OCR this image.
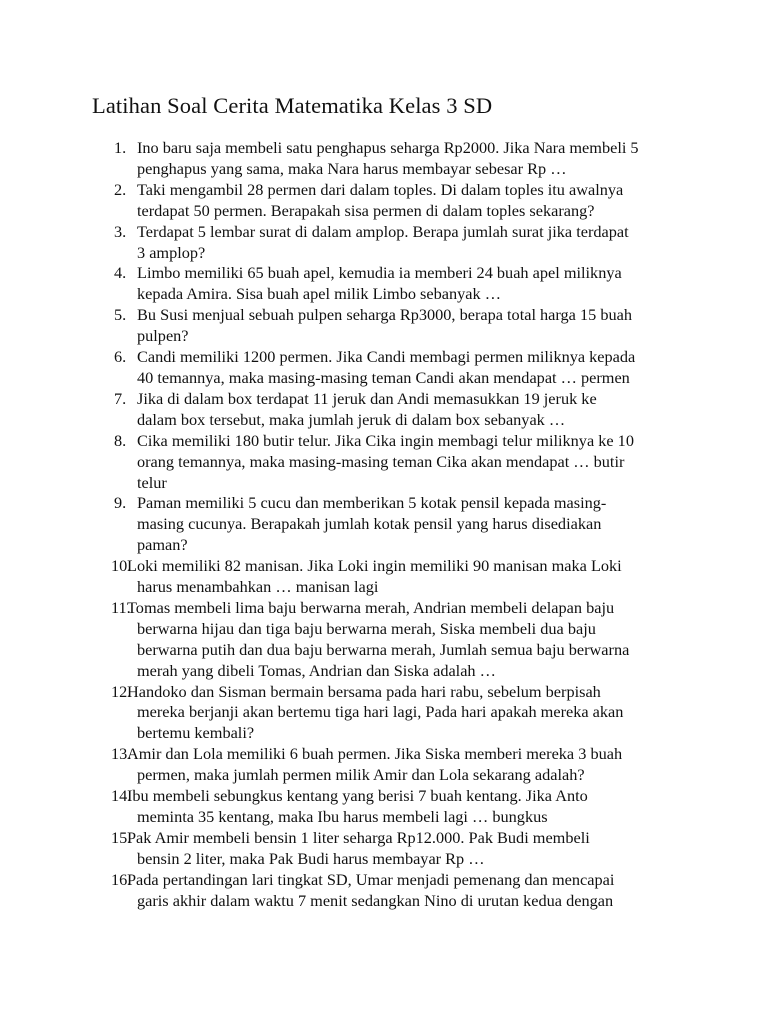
Latihan Soal Cerita Matematika Kelas 3 SD
1. Ino baru saja membeli satu penghapus seharga Rp2000. Jika Nara membeli 5
penghapus yang sama, maka Nara harus membayar sebesar Rp …
2. Taki mengambil 28 permen dari dalam toples. Di dalam toples itu awalnya
terdapat 50 permen. Berapakah sisa permen di dalam toples sekarang?
3. Terdapat 5 lembar surat di dalam amplop. Berapa jumlah surat jika terdapat
3 amplop?
4. Limbo memiliki 65 buah apel, kemudia ia memberi 24 buah apel miliknya
kepada Amira. Sisa buah apel milik Limbo sebanyak …
5. Bu Susi menjual sebuah pulpen seharga Rp3000, berapa total harga 15 buah
pulpen?
6. Candi memiliki 1200 permen. Jika Candi membagi permen miliknya kepada
40 temannya, maka masing-masing teman Candi akan mendapat … permen
7. Jika di dalam box terdapat 11 jeruk dan Andi memasukkan 19 jeruk ke
dalam box tersebut, maka jumlah jeruk di dalam box sebanyak …
8. Cika memiliki 180 butir telur. Jika Cika ingin membagi telur miliknya ke 10
orang temannya, maka masing-masing teman Cika akan mendapat … butir
telur
9. Paman memiliki 5 cucu dan memberikan 5 kotak pensil kepada masing-
masing cucunya. Berapakah jumlah kotak pensil yang harus disediakan
paman?
10.
Loki memiliki 82 manisan. Jika Loki ingin memiliki 90 manisan maka Loki
harus menambahkan … manisan lagi
11.
Tomas membeli lima baju berwarna merah, Andrian membeli delapan baju
berwarna hijau dan tiga baju berwarna merah, Siska membeli dua baju
berwarna putih dan dua baju berwarna merah, Jumlah semua baju berwarna
merah yang dibeli Tomas, Andrian dan Siska adalah …
12.
Handoko dan Sisman bermain bersama pada hari rabu, sebelum berpisah
mereka berjanji akan bertemu tiga hari lagi, Pada hari apakah mereka akan
bertemu kembali?
13.
Amir dan Lola memiliki 6 buah permen. Jika Siska memberi mereka 3 buah
permen, maka jumlah permen milik Amir dan Lola sekarang adalah?
14.
Ibu membeli sebungkus kentang yang berisi 7 buah kentang. Jika Anto
meminta 35 kentang, maka Ibu harus membeli lagi … bungkus
15.
Pak Amir membeli bensin 1 liter seharga Rp12.000. Pak Budi membeli
bensin 2 liter, maka Pak Budi harus membayar Rp …
16.
Pada pertandingan lari tingkat SD, Umar menjadi pemenang dan mencapai
garis akhir dalam waktu 7 menit sedangkan Nino di urutan kedua dengan
